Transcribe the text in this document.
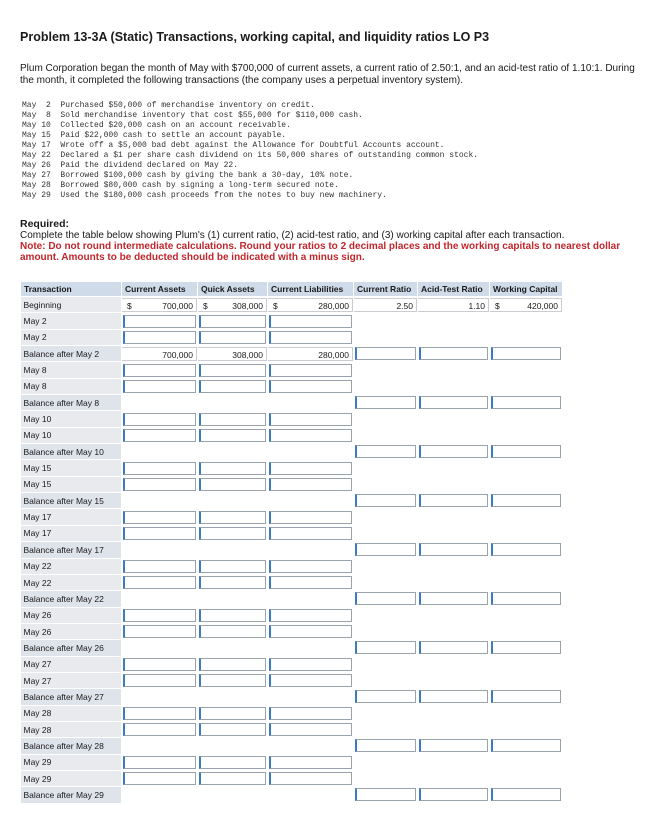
Problem 13-3A (Static) Transactions, working capital, and liquidity ratios LO P3
Plum Corporation began the month of May with $700,000 of current assets, a current ratio of 2.50:1, and an acid-test ratio of 1.10:1. During the month, it completed the following transactions (the company uses a perpetual inventory system).
May  2  Purchased $50,000 of merchandise inventory on credit.
May  8  Sold merchandise inventory that cost $55,000 for $110,000 cash.
May 10  Collected $20,000 cash on an account receivable.
May 15  Paid $22,000 cash to settle an account payable.
May 17  Wrote off a $5,000 bad debt against the Allowance for Doubtful Accounts account.
May 22  Declared a $1 per share cash dividend on its 50,000 shares of outstanding common stock.
May 26  Paid the dividend declared on May 22.
May 27  Borrowed $100,000 cash by giving the bank a 30-day, 10% note.
May 28  Borrowed $80,000 cash by signing a long-term secured note.
May 29  Used the $180,000 cash proceeds from the notes to buy new machinery.
Required:
Complete the table below showing Plum's (1) current ratio, (2) acid-test ratio, and (3) working capital after each transaction.
Note: Do not round intermediate calculations. Round your ratios to 2 decimal places and the working capitals to nearest dollar amount. Amounts to be deducted should be indicated with a minus sign.
Transaction	Current Assets	Quick Assets	Current Liabilities	Current Ratio	Acid-Test Ratio	Working Capital
Beginning	$ 700,000	$ 308,000	$ 280,000	2.50	1.10	$ 420,000

May 2	

May 2	

Balance after May 2	700,000	308,000	280,000			

May 8	

May 8	

Balance after May 8				

May 10	

May 10	

Balance after May 10				

May 15	

May 15	

Balance after May 15				

May 17	

May 17	

Balance after May 17				

May 22	

May 22	

Balance after May 22				

May 26	

May 26	

Balance after May 26				

May 27	

May 27	

Balance after May 27				

May 28	

May 28	

Balance after May 28				

May 29	

May 29	

Balance after May 29				
